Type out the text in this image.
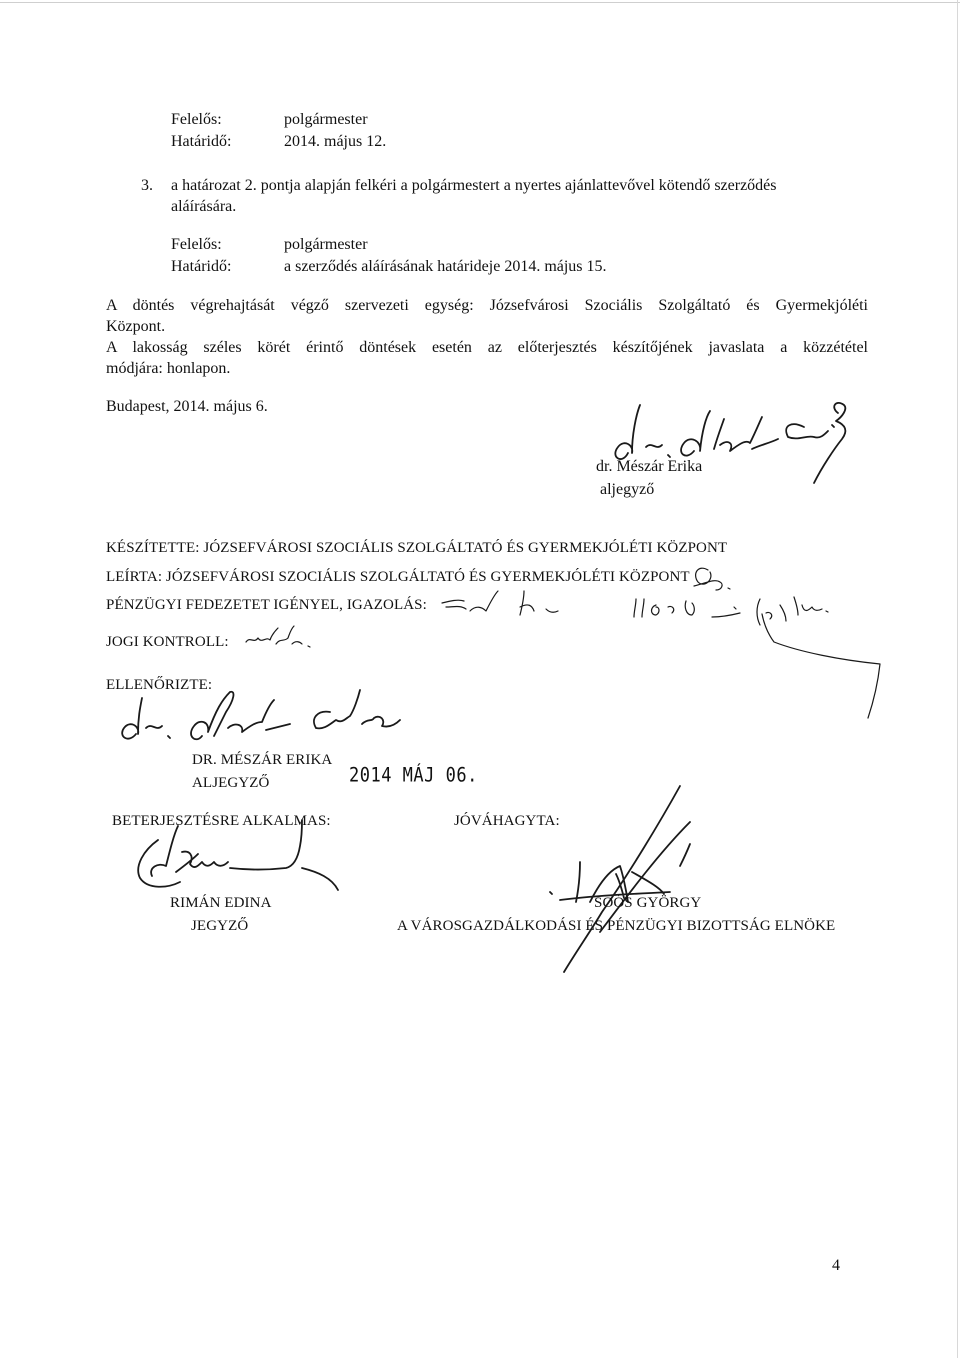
Felelős:	polgármester
Határidő:	2014. május 12.
3. a határozat 2. pontja alapján felkéri a polgármestert a nyertes ajánlattevővel kötendő szerződés
aláírására.
Felelős:	polgármester
Határidő:	a szerződés aláírásának határideje 2014. május 15.
A döntés végrehajtását végző szervezeti egység: Józsefvárosi Szociális Szolgáltató és Gyermekjóléti
Központ.
A lakosság széles körét érintő döntések esetén az előterjesztés készítőjének javaslata a közzététel
módjára: honlapon.
Budapest, 2014. május 6.
dr. Mészár Erika
aljegyző
KÉSZÍTETTE: JÓZSEFVÁROSI SZOCIÁLIS SZOLGÁLTATÓ ÉS GYERMEKJÓLÉTI KÖZPONT
LEÍRTA: JÓZSEFVÁROSI SZOCIÁLIS SZOLGÁLTATÓ ÉS GYERMEKJÓLÉTI KÖZPONT
PÉNZÜGYI FEDEZETET IGÉNYEL, IGAZOLÁS:
JOGI KONTROLL:
ELLENŐRIZTE:
DR. MÉSZÁR ERIKA
ALJEGYZŐ	2014 MÁJ 06.
BETERJESZTÉSRE ALKALMAS:
RIMÁN EDINA
JEGYZŐ
JÓVÁHAGYTA:
SOÓS GYÖRGY
A VÁROSGAZDÁLKODÁSI ÉS PÉNZÜGYI BIZOTTSÁG ELNÖKE
4
